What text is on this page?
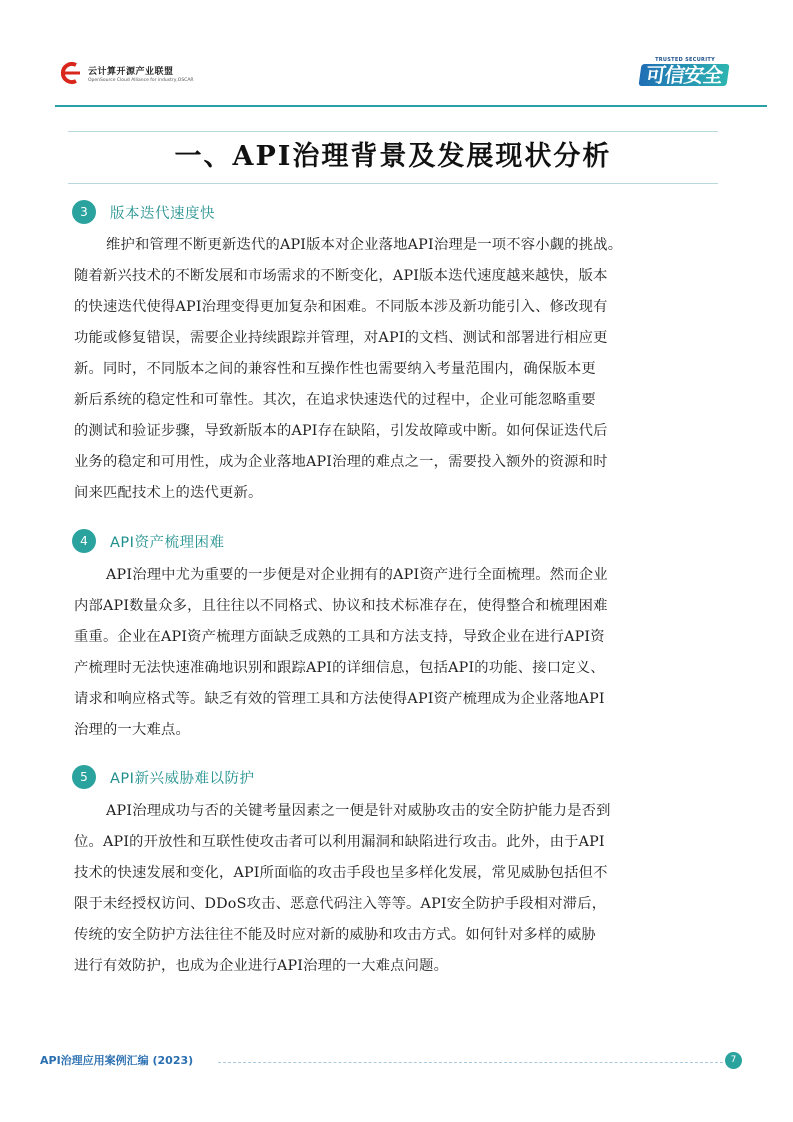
云计算开源产业联盟
OpenSource Cloud Alliance for industry,OSCAR
TRUSTED SECURITY
可信安全
一、API治理背景及发展现状分析
3	版本迭代速度快
维护和管理不断更新迭代的API版本对企业落地API治理是一项不容小觑的挑战。
随着新兴技术的不断发展和市场需求的不断变化，API版本迭代速度越来越快，版本
的快速迭代使得API治理变得更加复杂和困难。不同版本涉及新功能引入、修改现有
功能或修复错误，需要企业持续跟踪并管理，对API的文档、测试和部署进行相应更
新。同时，不同版本之间的兼容性和互操作性也需要纳入考量范围内，确保版本更
新后系统的稳定性和可靠性。其次，在追求快速迭代的过程中，企业可能忽略重要
的测试和验证步骤，导致新版本的API存在缺陷，引发故障或中断。如何保证迭代后
业务的稳定和可用性，成为企业落地API治理的难点之一，需要投入额外的资源和时
间来匹配技术上的迭代更新。
4	API资产梳理困难
API治理中尤为重要的一步便是对企业拥有的API资产进行全面梳理。然而企业
内部API数量众多，且往往以不同格式、协议和技术标准存在，使得整合和梳理困难
重重。企业在API资产梳理方面缺乏成熟的工具和方法支持，导致企业在进行API资
产梳理时无法快速准确地识别和跟踪API的详细信息，包括API的功能、接口定义、
请求和响应格式等。缺乏有效的管理工具和方法使得API资产梳理成为企业落地API
治理的一大难点。
5	API新兴威胁难以防护
API治理成功与否的关键考量因素之一便是针对威胁攻击的安全防护能力是否到
位。API的开放性和互联性使攻击者可以利用漏洞和缺陷进行攻击。此外，由于API
技术的快速发展和变化，API所面临的攻击手段也呈多样化发展，常见威胁包括但不
限于未经授权访问、DDoS攻击、恶意代码注入等等。API安全防护手段相对滞后，
传统的安全防护方法往往不能及时应对新的威胁和攻击方式。如何针对多样的威胁
进行有效防护，也成为企业进行API治理的一大难点问题。
API治理应用案例汇编 (2023)	7
